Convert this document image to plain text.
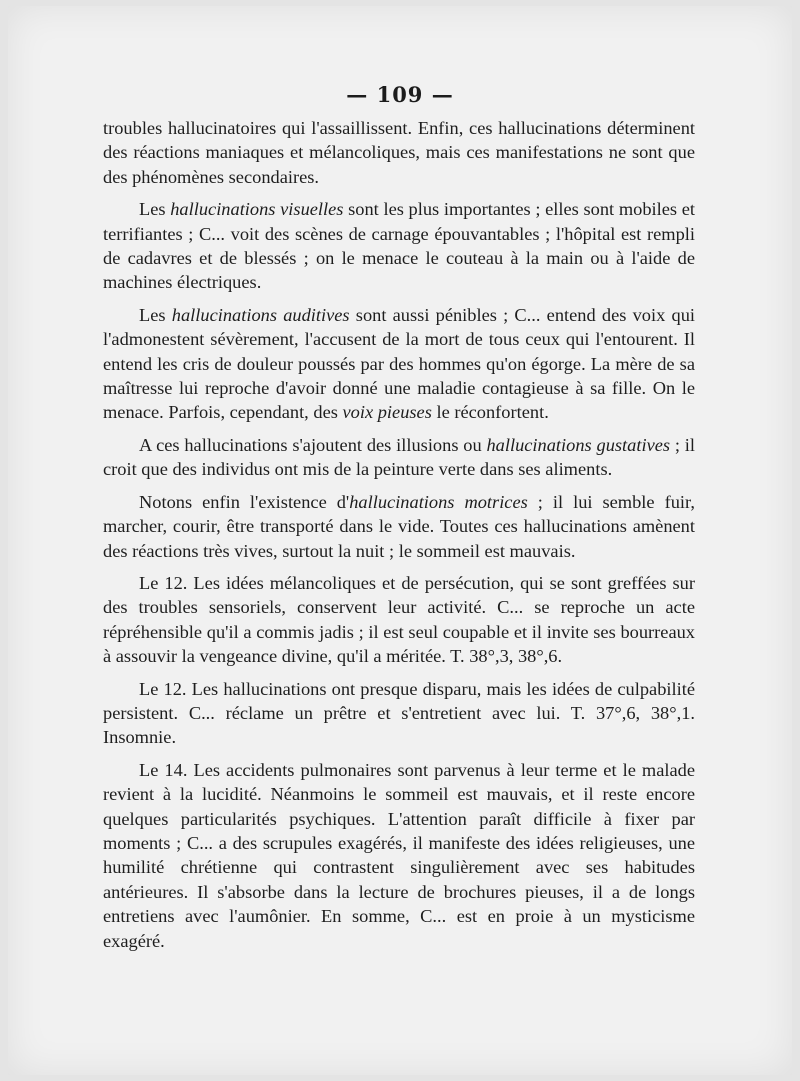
— 109 —

troubles hallucinatoires qui l'assaillissent. Enfin, ces hallucinations déterminent des réactions maniaques et mélancoliques, mais ces manifestations ne sont que des phénomènes secondaires.

Les hallucinations visuelles sont les plus importantes ; elles sont mobiles et terrifiantes ; C... voit des scènes de carnage épouvantables ; l'hôpital est rempli de cadavres et de blessés ; on le menace le couteau à la main ou à l'aide de machines électriques.

Les hallucinations auditives sont aussi pénibles ; C... entend des voix qui l'admonestent sévèrement, l'accusent de la mort de tous ceux qui l'entourent. Il entend les cris de douleur poussés par des hommes qu'on égorge. La mère de sa maîtresse lui reproche d'avoir donné une maladie contagieuse à sa fille. On le menace. Parfois, cependant, des voix pieuses le réconfortent.

A ces hallucinations s'ajoutent des illusions ou hallucinations gustatives ; il croit que des individus ont mis de la peinture verte dans ses aliments.

Notons enfin l'existence d'hallucinations motrices ; il lui semble fuir, marcher, courir, être transporté dans le vide. Toutes ces hallucinations amènent des réactions très vives, surtout la nuit ; le sommeil est mauvais.

Le 12. Les idées mélancoliques et de persécution, qui se sont greffées sur des troubles sensoriels, conservent leur activité. C... se reproche un acte répréhensible qu'il a commis jadis ; il est seul coupable et il invite ses bourreaux à assouvir la vengeance divine, qu'il a méritée. T. 38°,3, 38°,6.

Le 12. Les hallucinations ont presque disparu, mais les idées de culpabilité persistent. C... réclame un prêtre et s'entretient avec lui. T. 37°,6, 38°,1. Insomnie.

Le 14. Les accidents pulmonaires sont parvenus à leur terme et le malade revient à la lucidité. Néanmoins le sommeil est mauvais, et il reste encore quelques particularités psychiques. L'attention paraît difficile à fixer par moments ; C... a des scrupules exagérés, il manifeste des idées religieuses, une humilité chrétienne qui contrastent singulièrement avec ses habitudes antérieures. Il s'absorbe dans la lecture de brochures pieuses, il a de longs entretiens avec l'aumônier. En somme, C... est en proie à un mysticisme exagéré.
